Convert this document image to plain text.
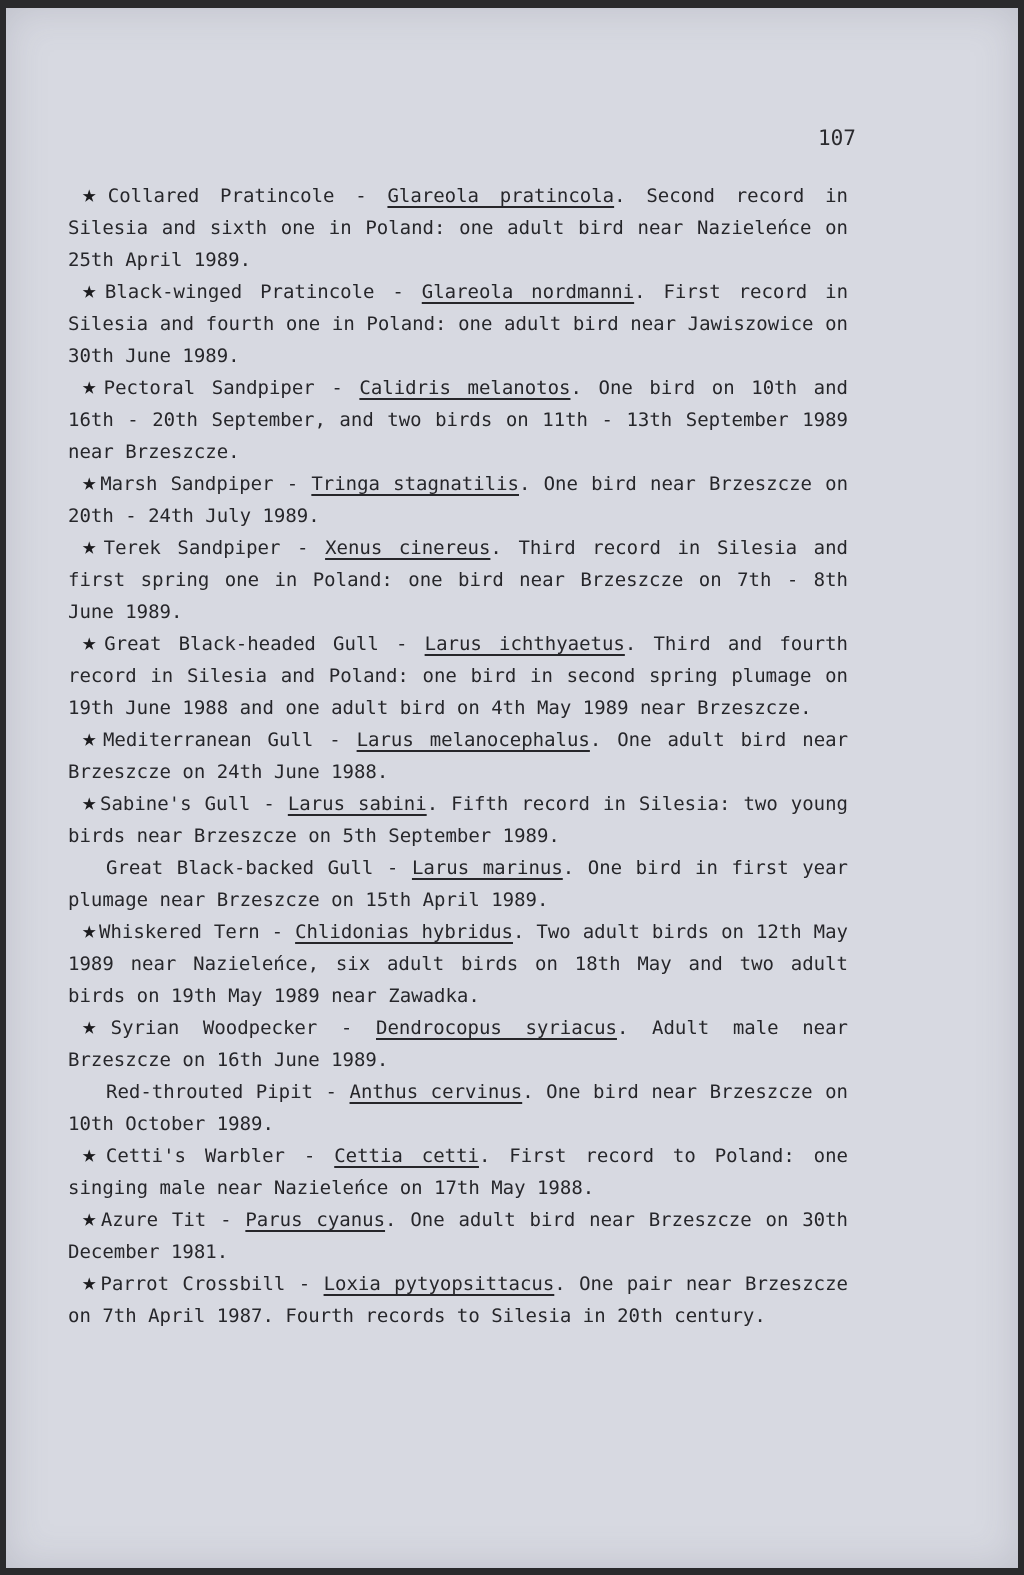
107

★ Collared Pratincole - Glareola pratincola. Second record in Silesia and sixth one in Poland: one adult bird near Nazieleńce on 25th April 1989.

★ Black-winged Pratincole - Glareola nordmanni. First record in Silesia and fourth one in Poland: one adult bird near Jawiszowice on 30th June 1989.

★ Pectoral Sandpiper - Calidris melanotos. One bird on 10th and 16th - 20th September, and two birds on 11th - 13th September 1989 near Brzeszcze.

★ Marsh Sandpiper - Tringa stagnatilis. One bird near Brzeszcze on 20th - 24th July 1989.

★ Terek Sandpiper - Xenus cinereus. Third record in Silesia and first spring one in Poland: one bird near Brzeszcze on 7th - 8th June 1989.

★ Great Black-headed Gull - Larus ichthyaetus. Third and fourth record in Silesia and Poland: one bird in second spring plumage on 19th June 1988 and one adult bird on 4th May 1989 near Brzeszcze.

★ Mediterranean Gull - Larus melanocephalus. One adult bird near Brzeszcze on 24th June 1988.

★ Sabine's Gull - Larus sabini. Fifth record in Silesia: two young birds near Brzeszcze on 5th September 1989.

Great Black-backed Gull - Larus marinus. One bird in first year plumage near Brzeszcze on 15th April 1989.

★ Whiskered Tern - Chlidonias hybridus. Two adult birds on 12th May 1989 near Nazieleńce, six adult birds on 18th May and two adult birds on 19th May 1989 near Zawadka.

★ Syrian Woodpecker - Dendrocopus syriacus. Adult male near Brzeszcze on 16th June 1989.

Red-throuted Pipit - Anthus cervinus. One bird near Brzeszcze on 10th October 1989.

★ Cetti's Warbler - Cettia cetti. First record to Poland: one singing male near Nazieleńce on 17th May 1988.

★ Azure Tit - Parus cyanus. One adult bird near Brzeszcze on 30th December 1981.

★ Parrot Crossbill - Loxia pytyopsittacus. One pair near Brzeszcze on 7th April 1987. Fourth records to Silesia in 20th century.
